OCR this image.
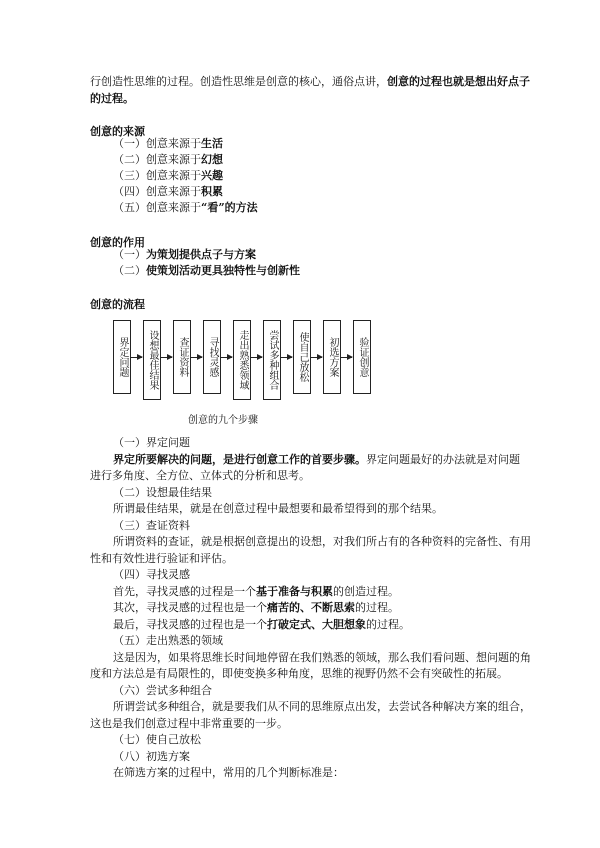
行创造性思维的过程。创造性思维是创意的核心，通俗点讲，创意的过程也就是想出好点子

的过程。

创意的来源

（一）创意来源于生活

（二）创意来源于幻想

（三）创意来源于兴趣

（四）创意来源于积累

（五）创意来源于“看”的方法

创意的作用

（一）为策划提供点子与方案

（二）使策划活动更具独特性与创新性

创意的流程

界定问题	设想最佳结果	查证资料	寻找灵感	走出熟悉领域	尝试多种组合	使自己放松	初选方案	验证创意

创意的九个步骤

（一）界定问题

界定所要解决的问题，是进行创意工作的首要步骤。界定问题最好的办法就是对问题

进行多角度、全方位、立体式的分析和思考。

（二）设想最佳结果

所谓最佳结果，就是在创意过程中最想要和最希望得到的那个结果。

（三）查证资料

所谓资料的查证，就是根据创意提出的设想，对我们所占有的各种资料的完备性、有用

性和有效性进行验证和评估。

（四）寻找灵感

首先，寻找灵感的过程是一个基于准备与积累的创造过程。

其次，寻找灵感的过程也是一个痛苦的、不断思索的过程。

最后，寻找灵感的过程也是一个打破定式、大胆想象的过程。

（五）走出熟悉的领域

这是因为，如果将思维长时间地停留在我们熟悉的领域，那么我们看问题、想问题的角

度和方法总是有局限性的，即使变换多种角度，思维的视野仍然不会有突破性的拓展。

（六）尝试多种组合

所谓尝试多种组合，就是要我们从不同的思维原点出发，去尝试各种解决方案的组合，

这也是我们创意过程中非常重要的一步。

（七）使自己放松

（八）初选方案

在筛选方案的过程中，常用的几个判断标准是：
